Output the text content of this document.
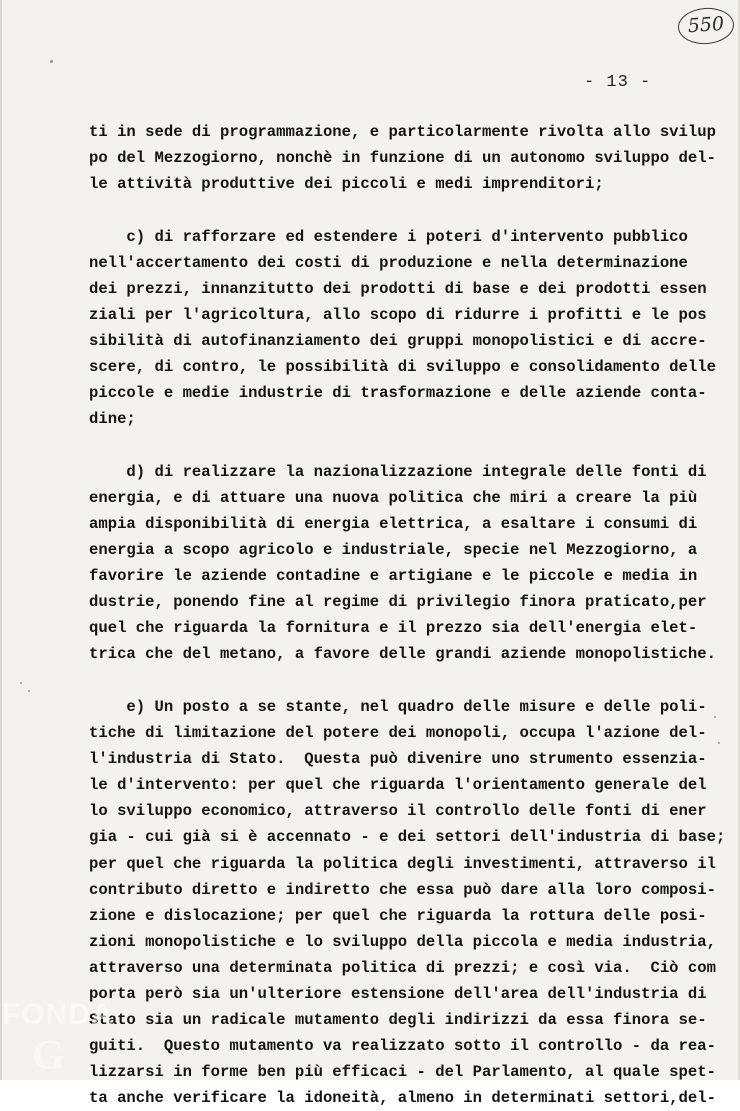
550
- 13 -
ti in sede di programmazione, e particolarmente rivolta allo svilup
po del Mezzogiorno, nonchè in funzione di un autonomo sviluppo del-
le attività produttive dei piccoli e medi imprenditori;
c) di rafforzare ed estendere i poteri d'intervento pubblico
nell'accertamento dei costi di produzione e nella determinazione
dei prezzi, innanzitutto dei prodotti di base e dei prodotti essen
ziali per l'agricoltura, allo scopo di ridurre i profitti e le pos
sibilità di autofinanziamento dei gruppi monopolistici e di accre-
scere, di contro, le possibilità di sviluppo e consolidamento delle
piccole e medie industrie di trasformazione e delle aziende conta-
dine;
d) di realizzare la nazionalizzazione integrale delle fonti di
energia, e di attuare una nuova politica che miri a creare la più
ampia disponibilità di energia elettrica, a esaltare i consumi di
energia a scopo agricolo e industriale, specie nel Mezzogiorno, a
favorire le aziende contadine e artigiane e le piccole e media in
dustrie, ponendo fine al regime di privilegio finora praticato,per
quel che riguarda la fornitura e il prezzo sia dell'energia elet-
trica che del metano, a favore delle grandi aziende monopolistiche.
e) Un posto a se stante, nel quadro delle misure e delle poli-
tiche di limitazione del potere dei monopoli, occupa l'azione del-
l'industria di Stato.  Questa può divenire uno strumento essenzia-
le d'intervento: per quel che riguarda l'orientamento generale del
lo sviluppo economico, attraverso il controllo delle fonti di ener
gia - cui già si è accennato - e dei settori dell'industria di base;
per quel che riguarda la politica degli investimenti, attraverso il
contributo diretto e indiretto che essa può dare alla loro composi-
zione e dislocazione; per quel che riguarda la rottura delle posi-
zioni monopolistiche e lo sviluppo della piccola e media industria,
attraverso una determinata politica di prezzi; e così via.  Ciò com
porta però sia un'ulteriore estensione dell'area dell'industria di
Stato sia un radicale mutamento degli indirizzi da essa finora se-
guiti.  Questo mutamento va realizzato sotto il controllo - da rea-
lizzarsi in forme ben più efficaci - del Parlamento, al quale spet-
ta anche verificare la idoneità, almeno in determinati settori,del-
FONDA
G
